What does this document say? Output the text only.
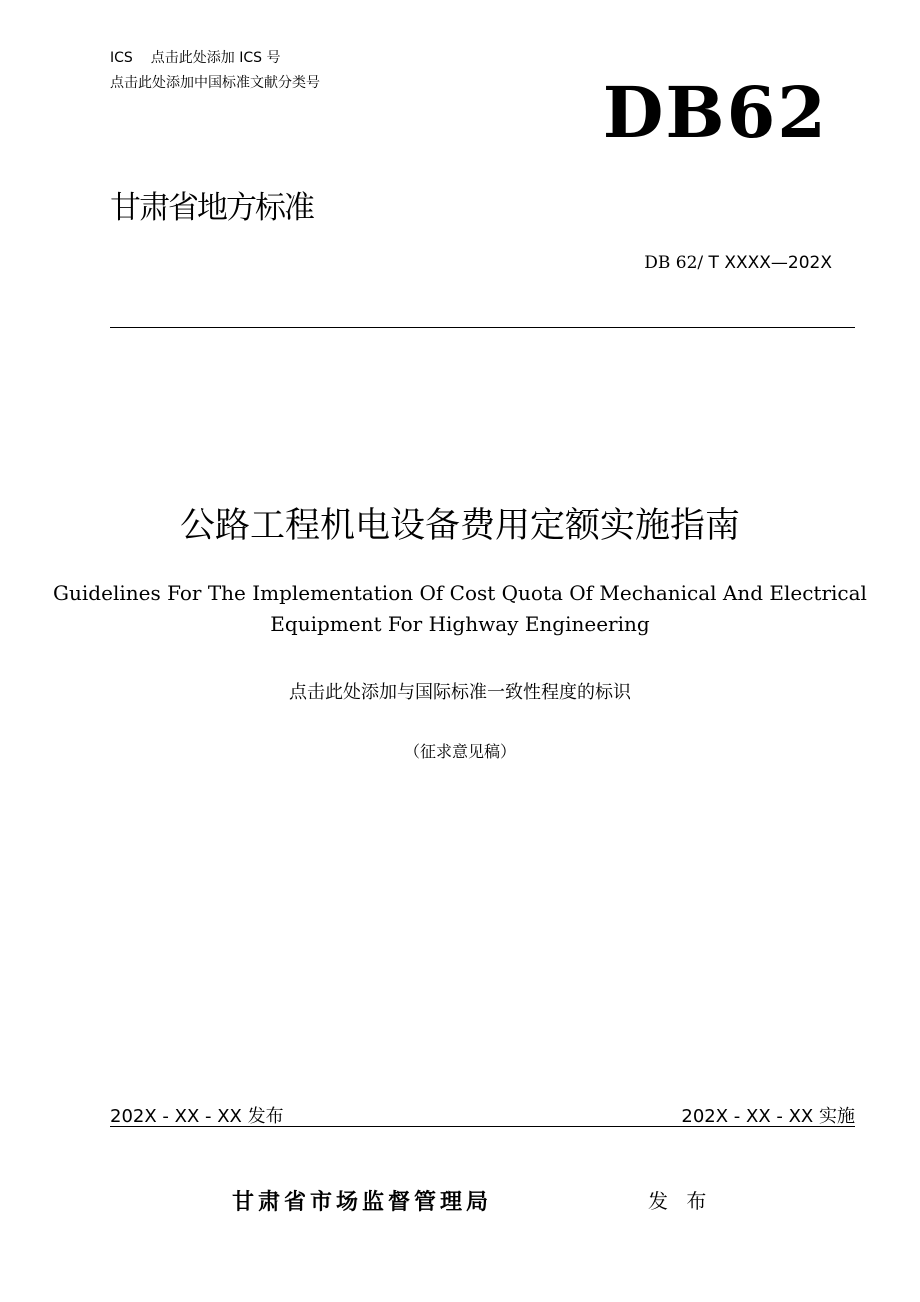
ICS 点击此处添加 ICS 号
点击此处添加中国标准文献分类号	DB62
甘肃省地方标准
DB 62/ T XXXX—202X
公路工程机电设备费用定额实施指南
Guidelines For The Implementation Of Cost Quota Of Mechanical And Electrical
Equipment For Highway Engineering
点击此处添加与国际标准一致性程度的标识
（征求意见稿）
202X - XX - XX 发布	202X - XX - XX 实施
甘肃省市场监督管理局	发 布
